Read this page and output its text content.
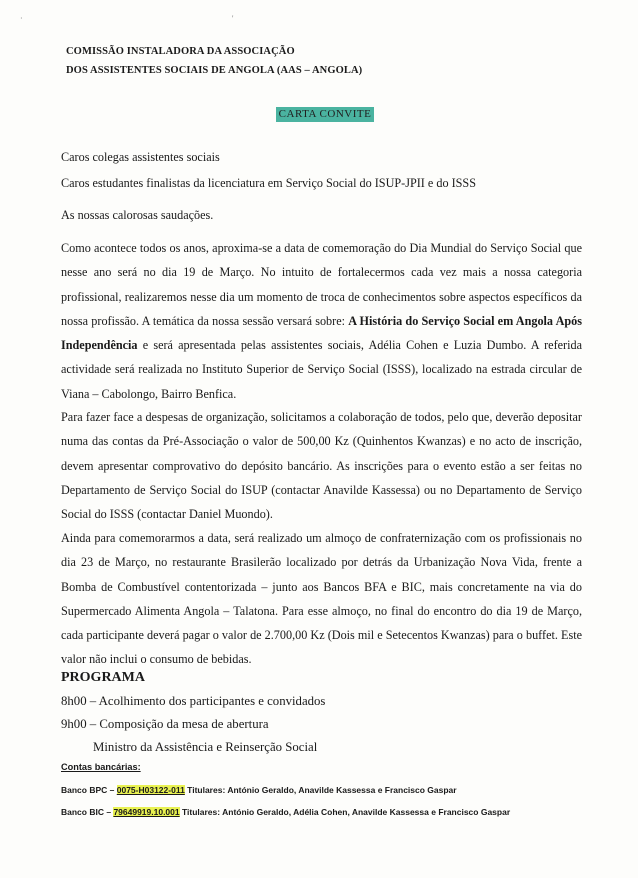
·	'
COMISSÃO INSTALADORA DA ASSOCIAÇÃO
DOS ASSISTENTES SOCIAIS DE ANGOLA (AAS – ANGOLA)
CARTA CONVITE
Caros colegas assistentes sociais
Caros estudantes finalistas da licenciatura em Serviço Social do ISUP-JPII e do ISSS
As nossas calorosas saudações.
Como acontece todos os anos, aproxima-se a data de comemoração do Dia Mundial do Serviço Social que nesse ano será no dia 19 de Março. No intuito de fortalecermos cada vez mais a nossa categoria profissional, realizaremos nesse dia um momento de troca de conhecimentos sobre aspectos específicos da nossa profissão. A temática da nossa sessão versará sobre: A História do Serviço Social em Angola Após Independência e será apresentada pelas assistentes sociais, Adélia Cohen e Luzia Dumbo. A referida actividade será realizada no Instituto Superior de Serviço Social (ISSS), localizado na estrada circular de Viana – Cabolongo, Bairro Benfica.
Para fazer face a despesas de organização, solicitamos a colaboração de todos, pelo que, deverão depositar numa das contas da Pré-Associação o valor de 500,00 Kz (Quinhentos Kwanzas) e no acto de inscrição, devem apresentar comprovativo do depósito bancário. As inscrições para o evento estão a ser feitas no Departamento de Serviço Social do ISUP (contactar Anavilde Kassessa) ou no Departamento de Serviço Social do ISSS (contactar Daniel Muondo).
Ainda para comemorarmos a data, será realizado um almoço de confraternização com os profissionais no dia 23 de Março, no restaurante Brasilerão localizado por detrás da Urbanização Nova Vida, frente a Bomba de Combustível contentorizada – junto aos Bancos BFA e BIC, mais concretamente na via do Supermercado Alimenta Angola – Talatona. Para esse almoço, no final do encontro do dia 19 de Março, cada participante deverá pagar o valor de 2.700,00 Kz (Dois mil e Setecentos Kwanzas) para o buffet. Este valor não inclui o consumo de bebidas.
PROGRAMA
8h00 – Acolhimento dos participantes e convidados
9h00 – Composição da mesa de abertura
Ministro da Assistência e Reinserção Social
Contas bancárias:
Banco BPC – 0075-H03122-011 Titulares: António Geraldo, Anavilde Kassessa e Francisco Gaspar
Banco BIC – 79649919.10.001 Titulares: António Geraldo, Adélia Cohen, Anavilde Kassessa e Francisco Gaspar
